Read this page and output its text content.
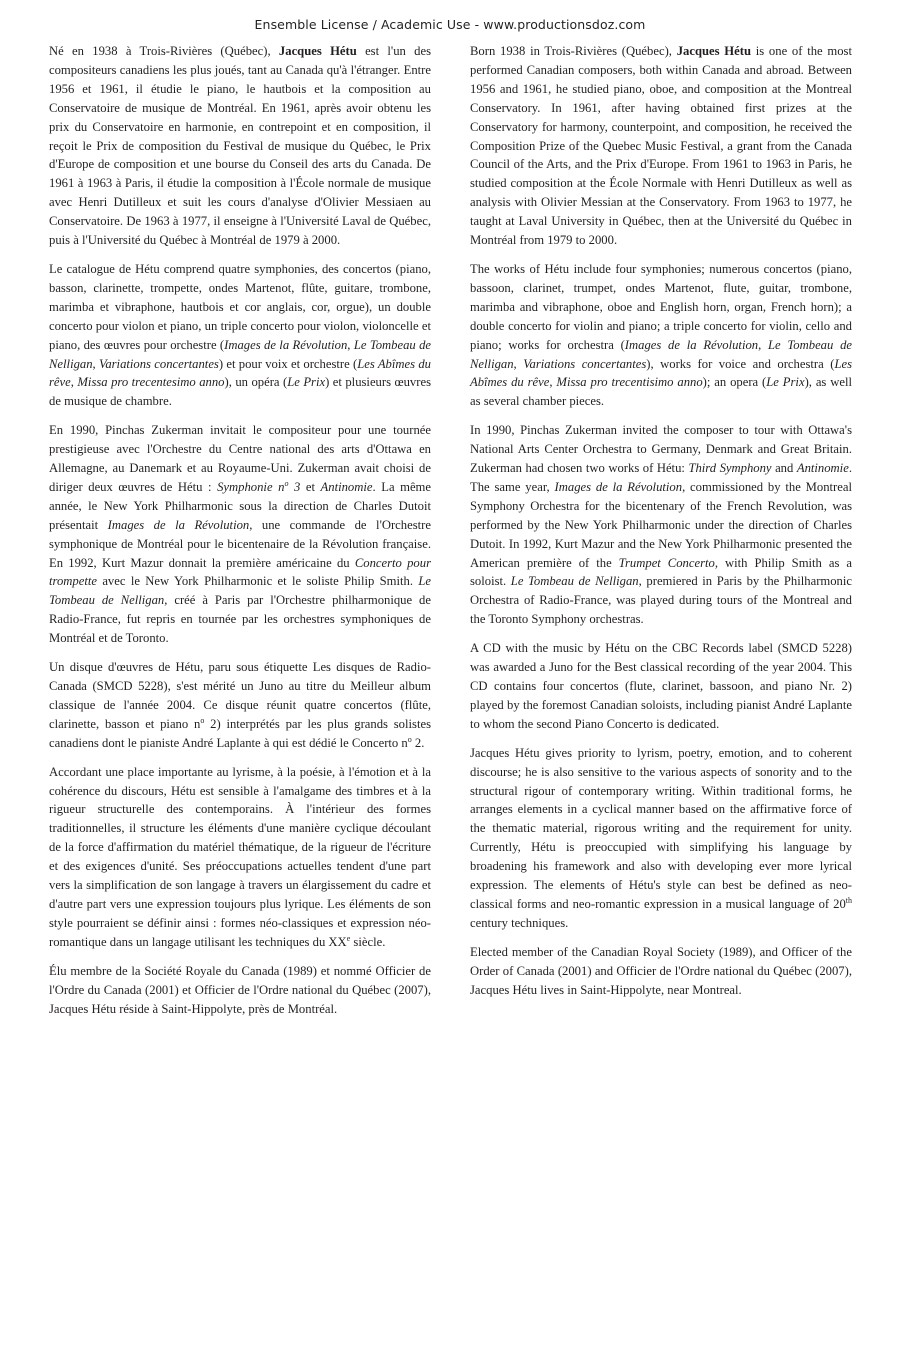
Ensemble License / Academic Use - www.productionsdoz.com

Né en 1938 à Trois-Rivières (Québec), Jacques Hétu est l'un des compositeurs canadiens les plus joués, tant au Canada qu'à l'étranger. Entre 1956 et 1961, il étudie le piano, le hautbois et la composition au Conservatoire de musique de Montréal. En 1961, après avoir obtenu les prix du Conservatoire en harmonie, en contrepoint et en composition, il reçoit le Prix de composition du Festival de musique du Québec, le Prix d'Europe de composition et une bourse du Conseil des arts du Canada. De 1961 à 1963 à Paris, il étudie la composition à l'École normale de musique avec Henri Dutilleux et suit les cours d'analyse d'Olivier Messiaen au Conservatoire. De 1963 à 1977, il enseigne à l'Université Laval de Québec, puis à l'Université du Québec à Montréal de 1979 à 2000.

Le catalogue de Hétu comprend quatre symphonies, des concertos (piano, basson, clarinette, trompette, ondes Martenot, flûte, guitare, trombone, marimba et vibraphone, hautbois et cor anglais, cor, orgue), un double concerto pour violon et piano, un triple concerto pour violon, violoncelle et piano, des œuvres pour orchestre (Images de la Révolution, Le Tombeau de Nelligan, Variations concertantes) et pour voix et orchestre (Les Abîmes du rêve, Missa pro trecentesimo anno), un opéra (Le Prix) et plusieurs œuvres de musique de chambre.

En 1990, Pinchas Zukerman invitait le compositeur pour une tournée prestigieuse avec l'Orchestre du Centre national des arts d'Ottawa en Allemagne, au Danemark et au Royaume-Uni. Zukerman avait choisi de diriger deux œuvres de Hétu : Symphonie $n^o$ 3 et Antinomie. La même année, le New York Philharmonic sous la direction de Charles Dutoit présentait Images de la Révolution, une commande de l'Orchestre symphonique de Montréal pour le bicentenaire de la Révolution française. En 1992, Kurt Mazur donnait la première américaine du Concerto pour trompette avec le New York Philharmonic et le soliste Philip Smith. Le Tombeau de Nelligan, créé à Paris par l'Orchestre philharmonique de Radio-France, fut repris en tournée par les orchestres symphoniques de Montréal et de Toronto.

Un disque d'œuvres de Hétu, paru sous étiquette Les disques de Radio-Canada (SMCD 5228), s'est mérité un Juno au titre du Meilleur album classique de l'année 2004. Ce disque réunit quatre concertos (flûte, clarinette, basson et piano $n^o$ 2) interprétés par les plus grands solistes canadiens dont le pianiste André Laplante à qui est dédié le Concerto $n^o$ 2.

Accordant une place importante au lyrisme, à la poésie, à l'émotion et à la cohérence du discours, Hétu est sensible à l'amalgame des timbres et à la rigueur structurelle des contemporains. À l'intérieur des formes traditionnelles, il structure les éléments d'une manière cyclique découlant de la force d'affirmation du matériel thématique, de la rigueur de l'écriture et des exigences d'unité. Ses préoccupations actuelles tendent d'une part vers la simplification de son langage à travers un élargissement du cadre et d'autre part vers une expression toujours plus lyrique. Les éléments de son style pourraient se définir ainsi : formes néo-classiques et expression néo-romantique dans un langage utilisant les techniques du XXe siècle.

Élu membre de la Société Royale du Canada (1989) et nommé Officier de l'Ordre du Canada (2001) et Officier de l'Ordre national du Québec (2007), Jacques Hétu réside à Saint-Hippolyte, près de Montréal.

Born 1938 in Trois-Rivières (Québec), Jacques Hétu is one of the most performed Canadian composers, both within Canada and abroad. Between 1956 and 1961, he studied piano, oboe, and composition at the Montreal Conservatory. In 1961, after having obtained first prizes at the Conservatory for harmony, counterpoint, and composition, he received the Composition Prize of the Quebec Music Festival, a grant from the Canada Council of the Arts, and the Prix d'Europe. From 1961 to 1963 in Paris, he studied composition at the École Normale with Henri Dutilleux as well as analysis with Olivier Messian at the Conservatory. From 1963 to 1977, he taught at Laval University in Québec, then at the Université du Québec in Montréal from 1979 to 2000.

The works of Hétu include four symphonies; numerous concertos (piano, bassoon, clarinet, trumpet, ondes Martenot, flute, guitar, trombone, marimba and vibraphone, oboe and English horn, organ, French horn); a double concerto for violin and piano; a triple concerto for violin, cello and piano; works for orchestra (Images de la Révolution, Le Tombeau de Nelligan, Variations concertantes), works for voice and orchestra (Les Abîmes du rêve, Missa pro trecentisimo anno); an opera (Le Prix), as well as several chamber pieces.

In 1990, Pinchas Zukerman invited the composer to tour with Ottawa's National Arts Center Orchestra to Germany, Denmark and Great Britain. Zukerman had chosen two works of Hétu: Third Symphony and Antinomie. The same year, Images de la Révolution, commissioned by the Montreal Symphony Orchestra for the bicentenary of the French Revolution, was performed by the New York Philharmonic under the direction of Charles Dutoit. In 1992, Kurt Mazur and the New York Philharmonic presented the American première of the Trumpet Concerto, with Philip Smith as a soloist. Le Tombeau de Nelligan, premiered in Paris by the Philharmonic Orchestra of Radio-France, was played during tours of the Montreal and the Toronto Symphony orchestras.

A CD with the music by Hétu on the CBC Records label (SMCD 5228) was awarded a Juno for the Best classical recording of the year 2004. This CD contains four concertos (flute, clarinet, bassoon, and piano Nr. 2) played by the foremost Canadian soloists, including pianist André Laplante to whom the second Piano Concerto is dedicated.

Jacques Hétu gives priority to lyrism, poetry, emotion, and to coherent discourse; he is also sensitive to the various aspects of sonority and to the structural rigour of contemporary writing. Within traditional forms, he arranges elements in a cyclical manner based on the affirmative force of the thematic material, rigorous writing and the requirement for unity. Currently, Hétu is preoccupied with simplifying his language by broadening his framework and also with developing ever more lyrical expression. The elements of Hétu's style can best be defined as neo-classical forms and neo-romantic expression in a musical language of 20th century techniques.

Elected member of the Canadian Royal Society (1989), and Officer of the Order of Canada (2001) and Officier de l'Ordre national du Québec (2007), Jacques Hétu lives in Saint-Hippolyte, near Montreal.
